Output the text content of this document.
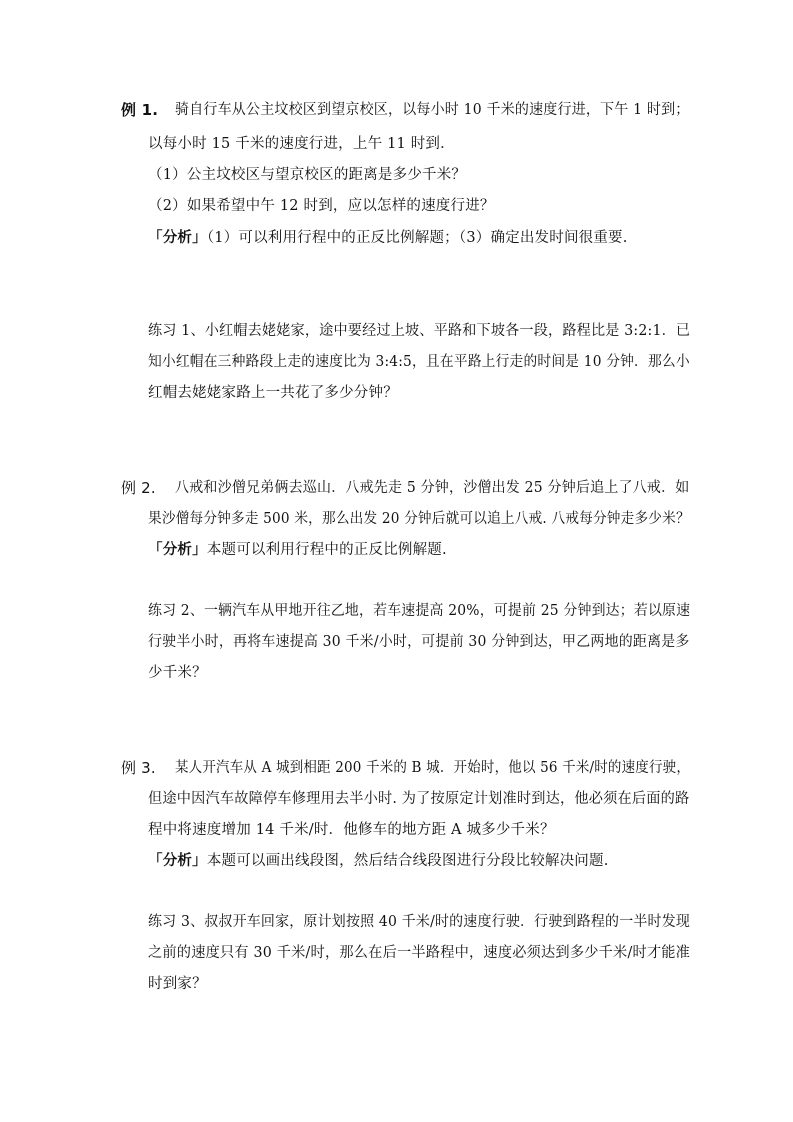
例 1. 骑自行车从公主坟校区到望京校区，以每小时 10 千米的速度行进，下午 1 时到；
以每小时 15 千米的速度行进，上午 11 时到．
（1）公主坟校区与望京校区的距离是多少千米？
（2）如果希望中午 12 时到，应以怎样的速度行进？
「分析」（1）可以利用行程中的正反比例解题；（3）确定出发时间很重要.
练习 1、小红帽去姥姥家，途中要经过上坡、平路和下坡各一段，路程比是 3:2:1．已
知小红帽在三种路段上走的速度比为 3:4:5，且在平路上行走的时间是 10 分钟．那么小
红帽去姥姥家路上一共花了多少分钟？
例 2. 八戒和沙僧兄弟俩去巡山．八戒先走 5 分钟，沙僧出发 25 分钟后追上了八戒．如
果沙僧每分钟多走 500 米，那么出发 20 分钟后就可以追上八戒. 八戒每分钟走多少米？
「分析」本题可以利用行程中的正反比例解题.
练习 2、一辆汽车从甲地开往乙地，若车速提高 20%，可提前 25 分钟到达；若以原速
行驶半小时，再将车速提高 30 千米/小时，可提前 30 分钟到达，甲乙两地的距离是多
少千米？
例 3. 某人开汽车从 A 城到相距 200 千米的 B 城．开始时，他以 56 千米/时的速度行驶，
但途中因汽车故障停车修理用去半小时. 为了按原定计划准时到达，他必须在后面的路
程中将速度增加 14 千米/时．他修车的地方距 A 城多少千米？
「分析」本题可以画出线段图，然后结合线段图进行分段比较解决问题.
练习 3、叔叔开车回家，原计划按照 40 千米/时的速度行驶．行驶到路程的一半时发现
之前的速度只有 30 千米/时，那么在后一半路程中，速度必须达到多少千米/时才能准
时到家？
